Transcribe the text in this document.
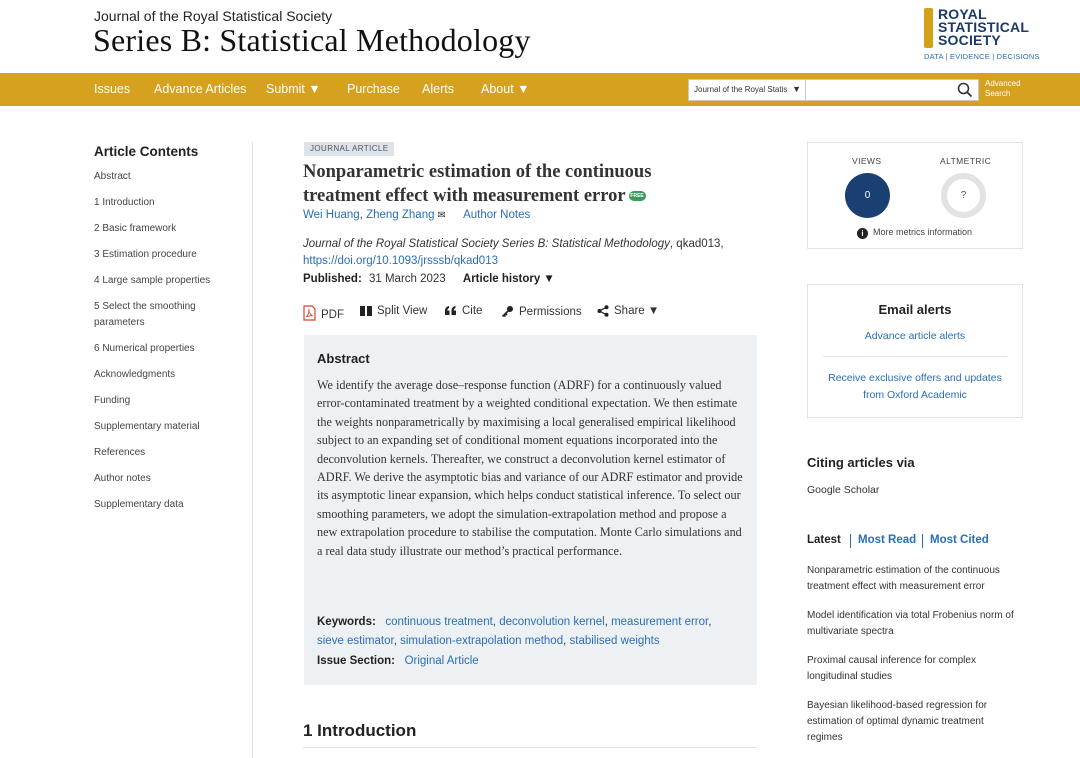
Journal of the Royal Statistical Society
Series B: Statistical Methodology
ROYAL
STATISTICAL
SOCIETY
DATA | EVIDENCE | DECISIONS
Issues Advance Articles Submit ▼ Purchase Alerts About ▼	Journal of the Royal Statis ▼
Advanced
Search
Article Contents
Abstract
1 Introduction
2 Basic framework
3 Estimation procedure
4 Large sample properties
5 Select the smoothing parameters
6 Numerical properties
Acknowledgments
Funding
Supplementary material
References
Author notes
Supplementary data
JOURNAL ARTICLE
Nonparametric estimation of the continuous treatment effect with measurement error FREE
Wei Huang, Zheng Zhang ✉ Author Notes
Journal of the Royal Statistical Society Series B: Statistical Methodology, qkad013,
https://doi.org/10.1093/jrsssb/qkad013
Published: 31 March 2023 Article history ▼
PDF	Split View	Cite	Permissions	Share ▼
Abstract
We identify the average dose–response function (ADRF) for a continuously valued error-contaminated treatment by a weighted conditional expectation. We then estimate the weights nonparametrically by maximising a local generalised empirical likelihood subject to an expanding set of conditional moment equations incorporated into the deconvolution kernels. Thereafter, we construct a deconvolution kernel estimator of ADRF. We derive the asymptotic bias and variance of our ADRF estimator and provide its asymptotic linear expansion, which helps conduct statistical inference. To select our smoothing parameters, we adopt the simulation-extrapolation method and propose a new extrapolation procedure to stabilise the computation. Monte Carlo simulations and a real data study illustrate our method’s practical performance.
Keywords: continuous treatment, deconvolution kernel, measurement error, sieve estimator, simulation-extrapolation method, stabilised weights
Issue Section: Original Article
1 Introduction
VIEWS	ALTMETRIC
0	?
i More metrics information
Email alerts
Advance article alerts
Receive exclusive offers and updates from Oxford Academic
Citing articles via
Google Scholar
Latest Most Read Most Cited
Nonparametric estimation of the continuous treatment effect with measurement error
Model identification via total Frobenius norm of multivariate spectra
Proximal causal inference for complex longitudinal studies
Bayesian likelihood-based regression for estimation of optimal dynamic treatment regimes
